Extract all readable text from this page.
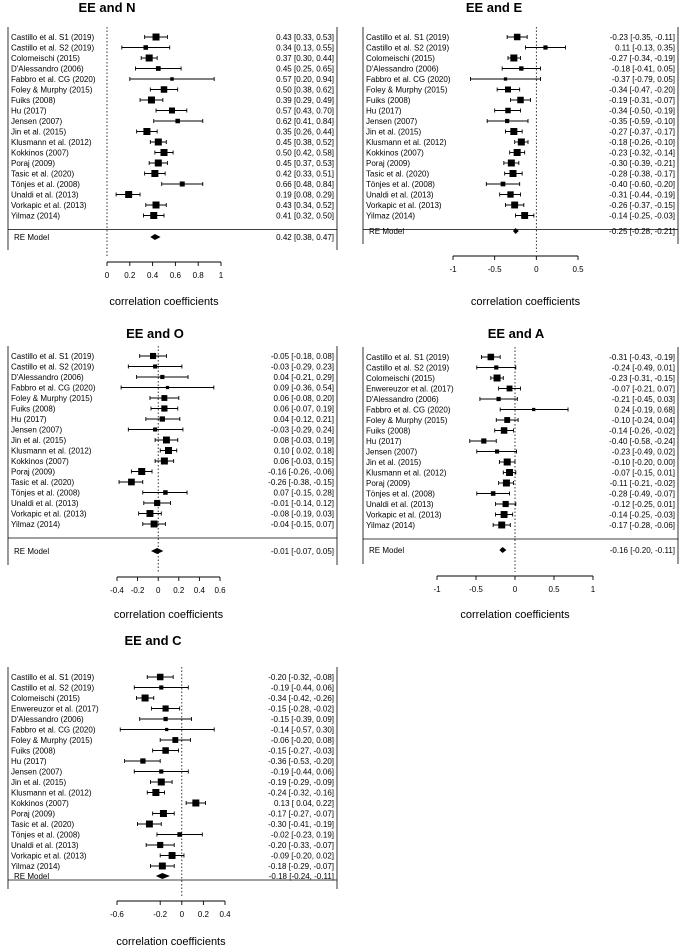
EE and N
Castillo et al. S1 (2019)	0.43 [0.33, 0.53]
Castillo et al. S2 (2019)	0.34 [0.13, 0.55]
Colomeischi (2015)	0.37 [0.30, 0.44]
D'Alessandro (2006)	0.45 [0.25, 0.65]
Fabbro et al. CG (2020)	0.57 [0.20, 0.94]
Foley & Murphy (2015)	0.50 [0.38, 0.62]
Fuiks (2008)	0.39 [0.29, 0.49]
Hu (2017)	0.57 [0.43, 0.70]
Jensen (2007)	0.62 [0.41, 0.84]
Jin et al. (2015)	0.35 [0.26, 0.44]
Klusmann et al. (2012)	0.45 [0.38, 0.52]
Kokkinos (2007)	0.50 [0.42, 0.58]
Poraj (2009)	0.45 [0.37, 0.53]
Tasic et al. (2020)	0.42 [0.33, 0.51]
Tönjes et al. (2008)	0.66 [0.48, 0.84]
Unaldi et al. (2013)	0.19 [0.08, 0.29]
Vorkapic et al. (2013)	0.43 [0.34, 0.52]
Yilmaz (2014)	0.41 [0.32, 0.50]
RE Model	0.42 [0.38, 0.47]
0 0.2 0.4 0.6 0.8 1
correlation coefficients
EE and E
Castillo et al. S1 (2019)	-0.23 [-0.35, -0.11]
Castillo et al. S2 (2019)	0.11 [-0.13, 0.35]
Colomeischi (2015)	-0.27 [-0.34, -0.19]
D'Alessandro (2006)	-0.18 [-0.41, 0.05]
Fabbro et al. CG (2020)	-0.37 [-0.79, 0.05]
Foley & Murphy (2015)	-0.34 [-0.47, -0.20]
Fuiks (2008)	-0.19 [-0.31, -0.07]
Hu (2017)	-0.34 [-0.50, -0.19]
Jensen (2007)	-0.35 [-0.59, -0.10]
Jin et al. (2015)	-0.27 [-0.37, -0.17]
Klusmann et al. (2012)	-0.18 [-0.26, -0.10]
Kokkinos (2007)	-0.23 [-0.32, -0.14]
Poraj (2009)	-0.30 [-0.39, -0.21]
Tasic et al. (2020)	-0.28 [-0.38, -0.17]
Tönjes et al. (2008)	-0.40 [-0.60, -0.20]
Unaldi et al. (2013)	-0.31 [-0.44, -0.19]
Vorkapic et al. (2013)	-0.26 [-0.37, -0.15]
Yilmaz (2014)	-0.14 [-0.25, -0.03]
RE Model	-0.25 [-0.28, -0.21]
-1	-0.5	0	0.5
correlation coefficients
EE and O
Castillo et al. S1 (2019)	-0.05 [-0.18, 0.08]
Castillo et al. S2 (2019)	-0.03 [-0.29, 0.23]
D'Alessandro (2006)	0.04 [-0.21, 0.29]
Fabbro et al. CG (2020)	0.09 [-0.36, 0.54]
Foley & Murphy (2015)	0.06 [-0.08, 0.20]
Fuiks (2008)	0.06 [-0.07, 0.19]
Hu (2017)	0.04 [-0.12, 0.21]
Jensen (2007)	-0.03 [-0.29, 0.24]
Jin et al. (2015)	0.08 [-0.03, 0.19]
Klusmann et al. (2012)	0.10 [ 0.02, 0.18]
Kokkinos (2007)	0.06 [-0.03, 0.15]
Poraj (2009)	-0.16 [-0.26, -0.06]
Tasic et al. (2020)	-0.26 [-0.38, -0.15]
Tönjes et al. (2008)	0.07 [-0.15, 0.28]
Unaldi et al. (2013)	-0.01 [-0.14, 0.12]
Vorkapic et al. (2013)	-0.08 [-0.19, 0.03]
Yilmaz (2014)	-0.04 [-0.15, 0.07]
RE Model	-0.01 [-0.07, 0.05]
-0.4 -0.2 0 0.2 0.4 0.6
correlation coefficients
EE and A
Castillo et al. S1 (2019)	-0.31 [-0.43, -0.19]
Castillo et al. S2 (2019)	-0.24 [-0.49, 0.01]
Colomeischi (2015)	-0.23 [-0.31, -0.15]
Enwereuzor et al. (2017)	-0.07 [-0.21, 0.07]
D'Alessandro (2006)	-0.21 [-0.45, 0.03]
Fabbro et al. CG (2020)	0.24 [-0.19, 0.68]
Foley & Murphy (2015)	-0.10 [-0.24, 0.04]
Fuiks (2008)	-0.14 [-0.26, -0.02]
Hu (2017)	-0.40 [-0.58, -0.24]
Jensen (2007)	-0.23 [-0.49, 0.02]
Jin et al. (2015)	-0.10 [-0.20, 0.00]
Klusmann et al. (2012)	-0.07 [-0.15, 0.01]
Poraj (2009)	-0.11 [-0.21, -0.02]
Tönjes et al. (2008)	-0.28 [-0.49, -0.07]
Unaldi et al. (2013)	-0.12 [-0.25, 0.01]
Vorkapic et al. (2013)	-0.14 [-0.25, -0.03]
Yilmaz (2014)	-0.17 [-0.28, -0.06]
RE Model	-0.16 [-0.20, -0.11]
-1	-0.5	0	0.5	1
correlation coefficients
EE and C
Castillo et al. S1 (2019)	-0.20 [-0.32, -0.08]
Castillo et al. S2 (2019)	-0.19 [-0.44, 0.06]
Colomeischi (2015)	-0.34 [-0.42, -0.26]
Enwereuzor et al. (2017)	-0.15 [-0.28, -0.02]
D'Alessandro (2006)	-0.15 [-0.39, 0.09]
Fabbro et al. CG (2020)	-0.14 [-0.57, 0.30]
Foley & Murphy (2015)	-0.06 [-0.20, 0.08]
Fuiks (2008)	-0.15 [-0.27, -0.03]
Hu (2017)	-0.36 [-0.53, -0.20]
Jensen (2007)	-0.19 [-0.44, 0.06]
Jin et al. (2015)	-0.19 [-0.29, -0.09]
Klusmann et al. (2012)	-0.24 [-0.32, -0.16]
Kokkinos (2007)	0.13 [ 0.04, 0.22]
Poraj (2009)	-0.17 [-0.27, -0.07]
Tasic et al. (2020)	-0.30 [-0.41, -0.19]
Tönjes et al. (2008)	-0.02 [-0.23, 0.19]
Unaldi et al. (2013)	-0.20 [-0.33, -0.07]
Vorkapic et al. (2013)	-0.09 [-0.20, 0.02]
Yilmaz (2014)	-0.18 [-0.29, -0.07]
RE Model	-0.18 [-0.24, -0.11]
-0.6	-0.2 0 0.2 0.4
correlation coefficients
